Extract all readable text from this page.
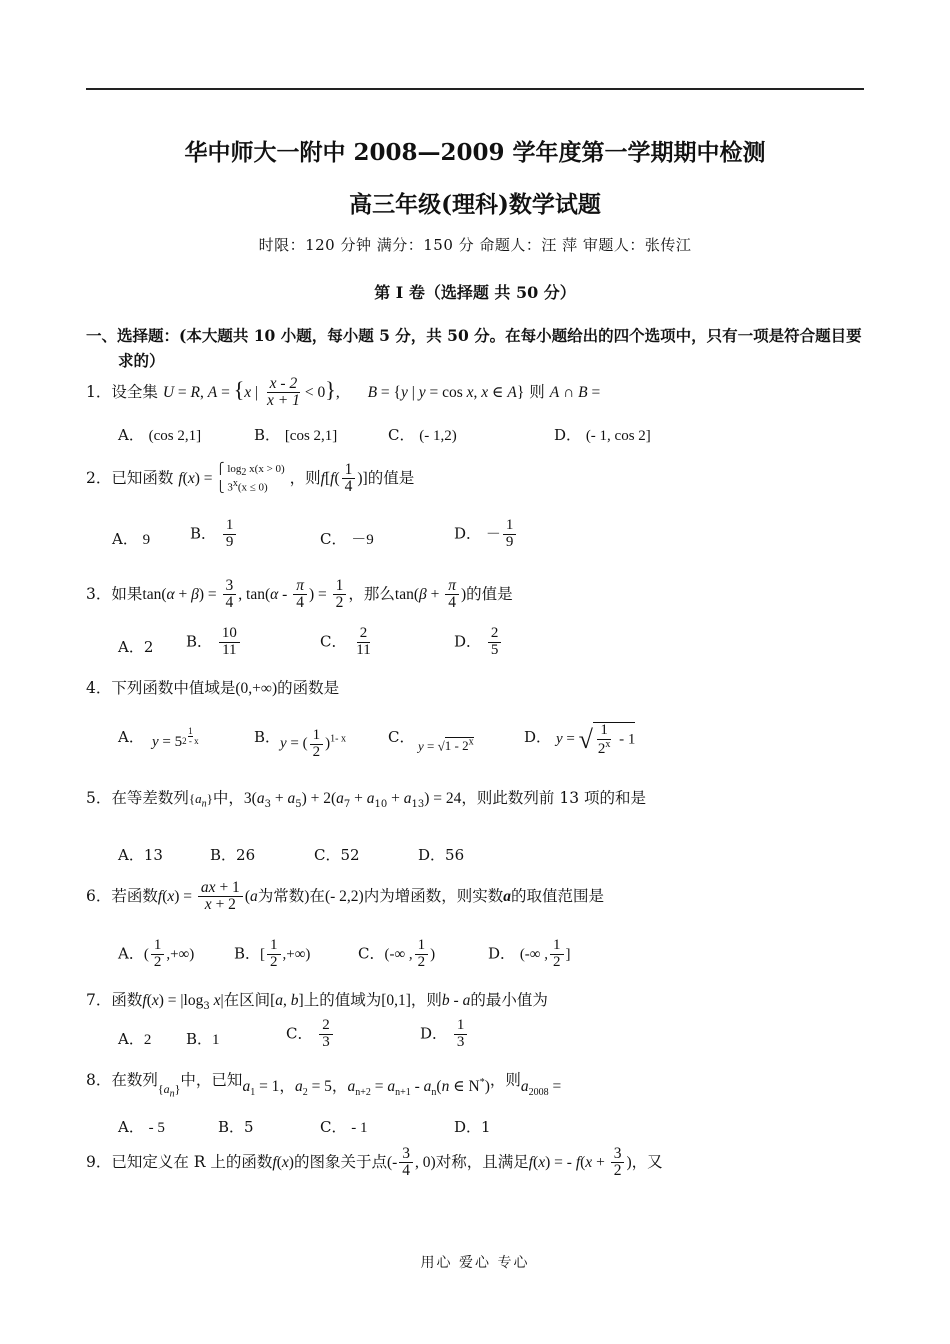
华中师大一附中 2008—2009 学年度第一学期期中检测
高三年级(理科)数学试题
时限：120 分钟 满分：150 分 命题人：汪 萍 审题人：张传江
第 I 卷（选择题 共 50 分）
一、选择题：(本大题共 10 小题，每小题 5 分，共 50 分。在每小题给出的四个选项中，只有一项是符合题目要
求的）
1．设全集 U = R, A = {x | $\frac{x - 2}{x + 1} < 0$}, B = {y | y = cos x, x ∈ A} 则 A ∩ B =
A． (cos 2,1]	B． [cos 2,1]	C． (- 1,2)	D． (- 1, cos 2]
2．已知函数 f(x) =
⎧ $\log_2 x(x > 0)$
⎩ $3^x(x \le 0)$
，则$f[f( \frac{1}{4}$ )]的值是
A． 9	B． $\frac{1}{9}$	C． －9	D． － $\frac{1}{9}$
3．如果$\tan(\alpha + \beta) = \frac{3}{4}$ , $\tan(\alpha - \frac{\pi}{4}$ ) = $\frac{1}{2}$ ，那么$\tan(\beta + \frac{\pi}{4}$ )的值是
A．2 B． $\frac{10}{11}$	C． $\frac{2}{11}$	D． $\frac{2}{5}$
4．下列函数中值域是(0,+∞)的函数是
A． y = 5 $^{\frac{1}{2 - x}}$	B． y = ( $\frac{1}{2} )^{1- x}$	C． y = √1 - 2$^x$	D． y = √ $\frac{1}{2^x} - 1$
5．在等差数列$\{a_n\}$中，$3(a_3 + a_5) + 2(a_7 + a_{10} + a_{13}) = 24$，则此数列前 13 项的和是
A．13	B．26	C．52	D．56
6．若函数$f(x) = \frac{ax + 1}{x + 2} (a$为常数)在(- 2,2)内为增函数，则实数a的取值范围是
A．( $\frac{1}{2}$ ,+∞)	B．[ $\frac{1}{2}$ ,+∞)	C．(-∞ , $\frac{1}{2}$ )	D． (-∞ , $\frac{1}{2}$ ]
7．函数$f(x) = |\log_3$ x|在区间[a, b]上的值域为[0,1]，则b - a的最小值为
A．2 B．1	C． $\frac{2}{3}$	D． $\frac{1}{3}$
8．在数列$_{\{a_n\}}$中，已知$a_1 = 1$，$a_2 = 5$，$a_{n+2} = a_{n+1} - a_n(n$ ∈ N*)，则$a_{2008}$ =
A． - 5	B．5	C． - 1	D．1
9．已知定义在 R 上的函数f(x)的图象关于点(- $\frac{3}{4}$ , 0)对称，且满足f(x) = - $f(x + \frac{3}{2}$ )，又
用心 爱心 专心
